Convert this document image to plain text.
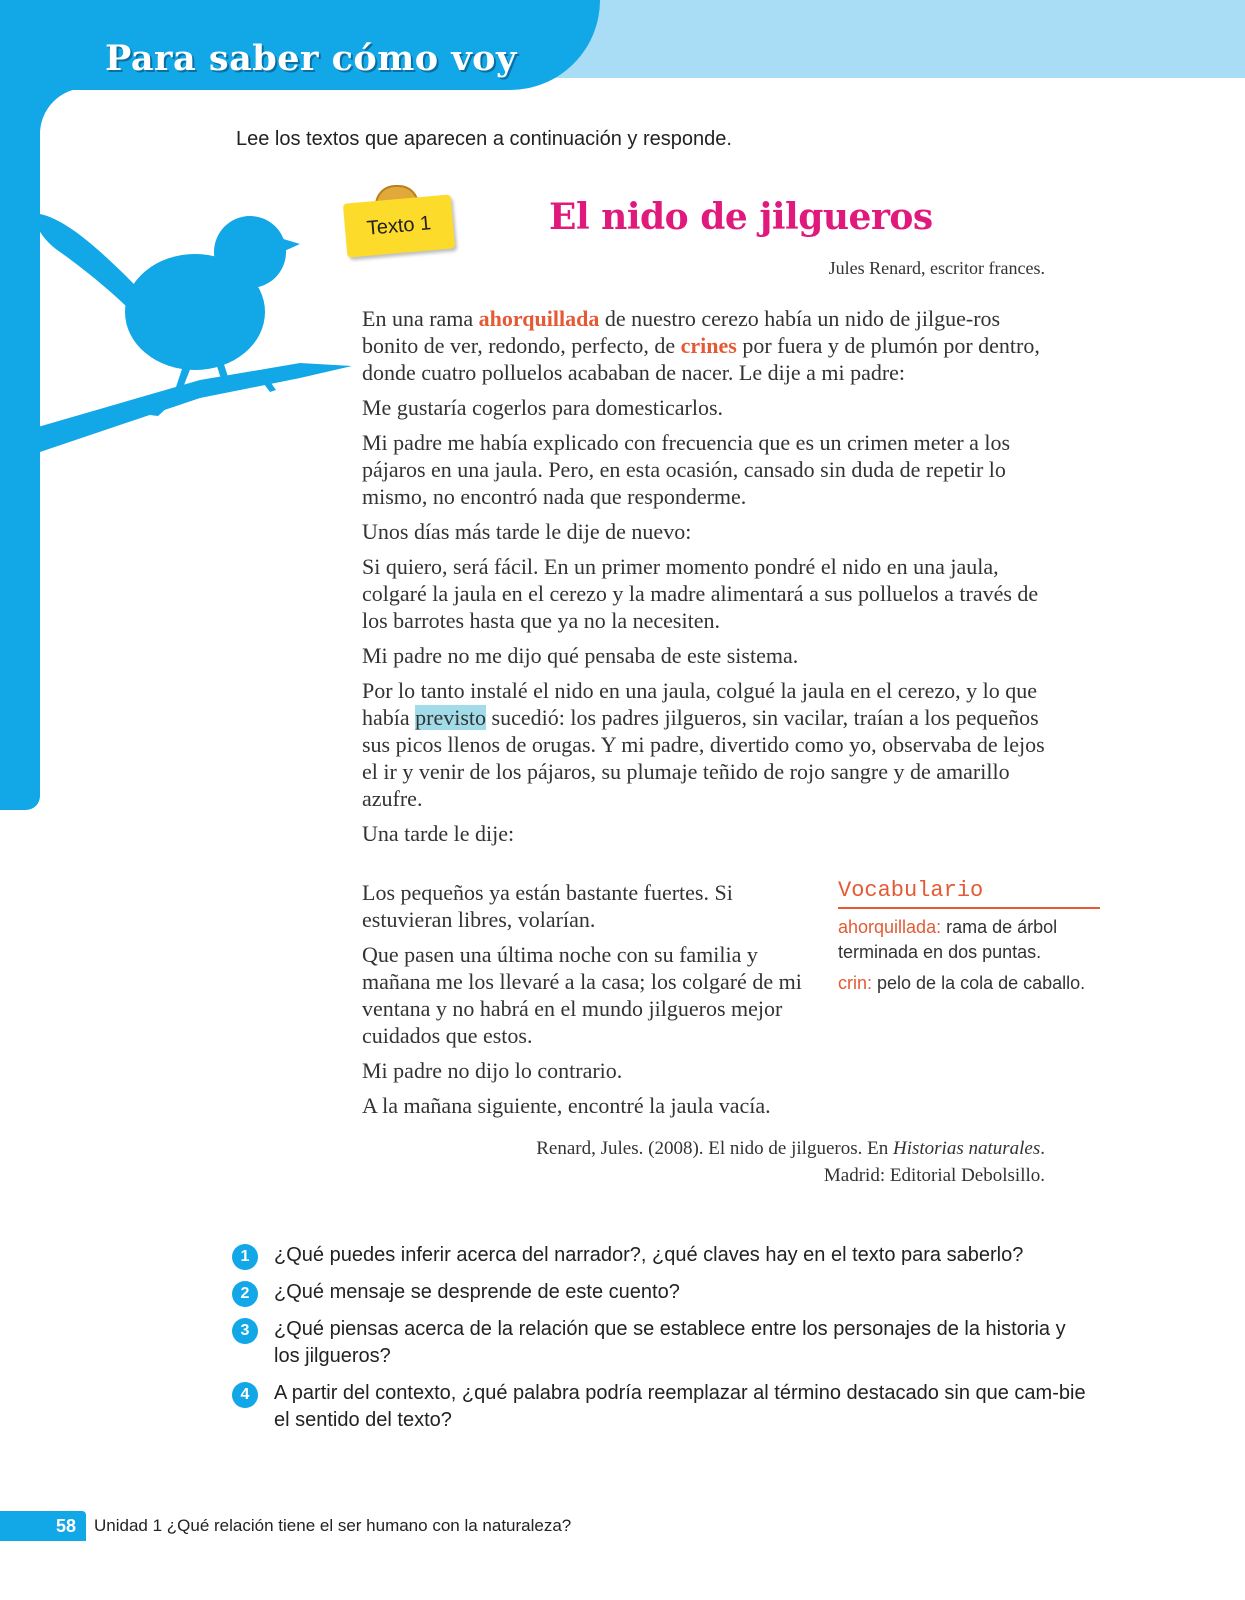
Para saber cómo voy
Lee los textos que aparecen a continuación y responde.
Texto 1	El nido de jilgueros
Jules Renard, escritor frances.

En una rama ahorquillada de nuestro cerezo había un nido de jilgue-ros bonito de ver, redondo, perfecto, de crines por fuera y de plumón por dentro, donde cuatro polluelos acababan de nacer. Le dije a mi padre:

Me gustaría cogerlos para domesticarlos.

Mi padre me había explicado con frecuencia que es un crimen meter a los pájaros en una jaula. Pero, en esta ocasión, cansado sin duda de repetir lo mismo, no encontró nada que responderme.

Unos días más tarde le dije de nuevo:

Si quiero, será fácil. En un primer momento pondré el nido en una jaula, colgaré la jaula en el cerezo y la madre alimentará a sus polluelos a través de los barrotes hasta que ya no la necesiten.

Mi padre no me dijo qué pensaba de este sistema.

Por lo tanto instalé el nido en una jaula, colgué la jaula en el cerezo, y lo que había previsto sucedió: los padres jilgueros, sin vacilar, traían a los pequeños sus picos llenos de orugas. Y mi padre, divertido como yo, observaba de lejos el ir y venir de los pájaros, su plumaje teñido de rojo sangre y de amarillo azufre.

Una tarde le dije:

Los pequeños ya están bastante fuertes. Si estuvieran libres, volarían.

Que pasen una última noche con su familia y mañana me los llevaré a la casa; los colgaré de mi ventana y no habrá en el mundo jilgueros mejor cuidados que estos.

Mi padre no dijo lo contrario.

A la mañana siguiente, encontré la jaula vacía.

Vocabulario
ahorquillada: rama de árbol terminada en dos puntas.
crin: pelo de la cola de caballo.
Renard, Jules. (2008). El nido de jilgueros. En Historias naturales.
Madrid: Editorial Debolsillo.
1	¿Qué puedes inferir acerca del narrador?, ¿qué claves hay en el texto para saberlo?
2	¿Qué mensaje se desprende de este cuento?
3	¿Qué piensas acerca de la relación que se establece entre los personajes de la historia y los jilgueros?
4	A partir del contexto, ¿qué palabra podría reemplazar al término destacado sin que cam-bie el sentido del texto?
58	Unidad 1 ¿Qué relación tiene el ser humano con la naturaleza?
